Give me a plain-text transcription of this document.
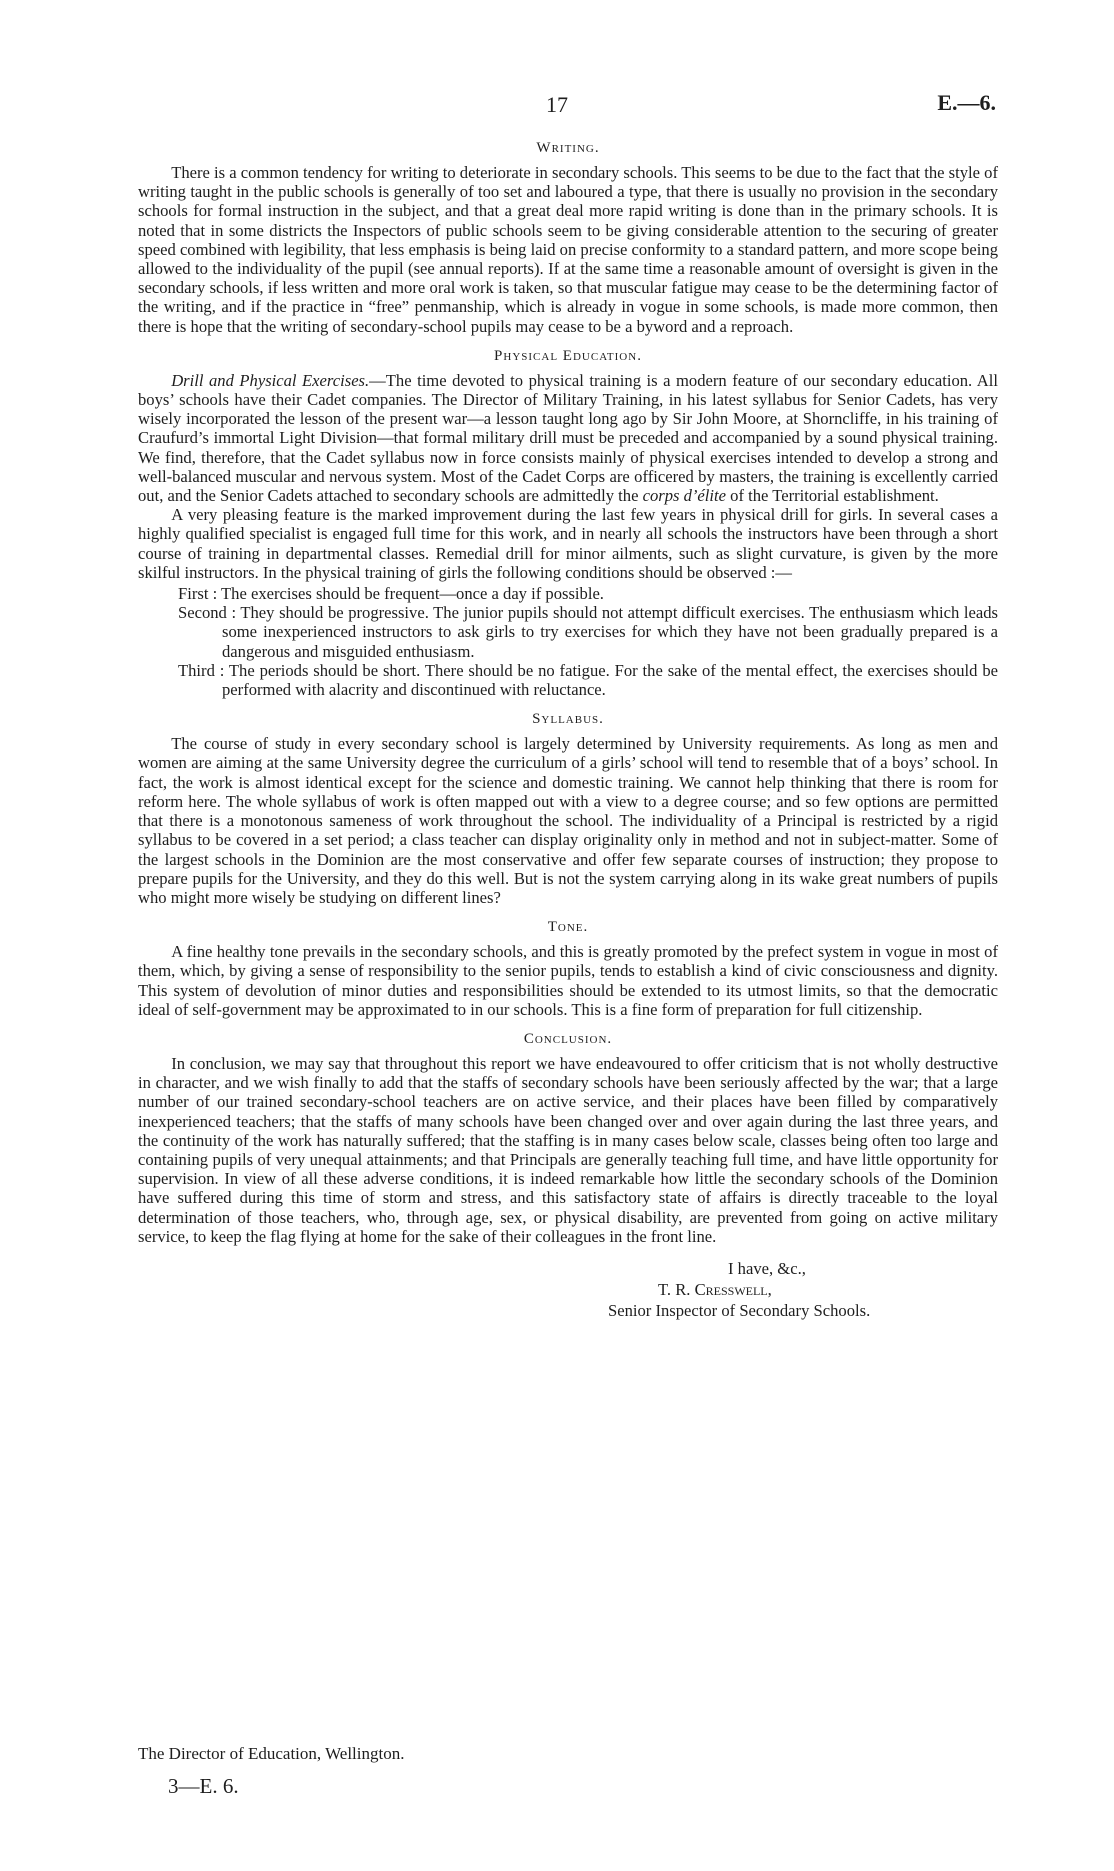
17	E.—6.
Writing.

There is a common tendency for writing to deteriorate in secondary schools. This seems to be due to the fact that the style of writing taught in the public schools is generally of too set and laboured a type, that there is usually no provision in the secondary schools for formal instruction in the subject, and that a great deal more rapid writing is done than in the primary schools. It is noted that in some districts the Inspectors of public schools seem to be giving considerable attention to the securing of greater speed combined with legibility, that less emphasis is being laid on precise conformity to a standard pattern, and more scope being allowed to the individuality of the pupil (see annual reports). If at the same time a reasonable amount of oversight is given in the secondary schools, if less written and more oral work is taken, so that muscular fatigue may cease to be the determining factor of the writing, and if the practice in “free” penmanship, which is already in vogue in some schools, is made more common, then there is hope that the writing of secondary-school pupils may cease to be a byword and a reproach.

Physical Education.

Drill and Physical Exercises.—The time devoted to physical training is a modern feature of our secondary education. All boys’ schools have their Cadet companies. The Director of Military Training, in his latest syllabus for Senior Cadets, has very wisely incorporated the lesson of the present war—a lesson taught long ago by Sir John Moore, at Shorncliffe, in his training of Craufurd’s immortal Light Division—that formal military drill must be preceded and accompanied by a sound physical training. We find, therefore, that the Cadet syllabus now in force consists mainly of physical exercises intended to develop a strong and well-balanced muscular and nervous system. Most of the Cadet Corps are officered by masters, the training is excellently carried out, and the Senior Cadets attached to secondary schools are admittedly the corps d’élite of the Territorial establishment.

A very pleasing feature is the marked improvement during the last few years in physical drill for girls. In several cases a highly qualified specialist is engaged full time for this work, and in nearly all schools the instructors have been through a short course of training in departmental classes. Remedial drill for minor ailments, such as slight curvature, is given by the more skilful instructors. In the physical training of girls the following conditions should be observed :—

First : The exercises should be frequent—once a day if possible.
Second : They should be progressive. The junior pupils should not attempt difficult exercises. The enthusiasm which leads some inexperienced instructors to ask girls to try exercises for which they have not been gradually prepared is a dangerous and misguided enthusiasm.
Third : The periods should be short. There should be no fatigue. For the sake of the mental effect, the exercises should be performed with alacrity and discontinued with reluctance.
Syllabus.

The course of study in every secondary school is largely determined by University requirements. As long as men and women are aiming at the same University degree the curriculum of a girls’ school will tend to resemble that of a boys’ school. In fact, the work is almost identical except for the science and domestic training. We cannot help thinking that there is room for reform here. The whole syllabus of work is often mapped out with a view to a degree course; and so few options are permitted that there is a monotonous sameness of work throughout the school. The individuality of a Principal is restricted by a rigid syllabus to be covered in a set period; a class teacher can display originality only in method and not in subject-matter. Some of the largest schools in the Dominion are the most conservative and offer few separate courses of instruction; they propose to prepare pupils for the University, and they do this well. But is not the system carrying along in its wake great numbers of pupils who might more wisely be studying on different lines?

Tone.

A fine healthy tone prevails in the secondary schools, and this is greatly promoted by the prefect system in vogue in most of them, which, by giving a sense of responsibility to the senior pupils, tends to establish a kind of civic consciousness and dignity. This system of devolution of minor duties and responsibilities should be extended to its utmost limits, so that the democratic ideal of self-government may be approximated to in our schools. This is a fine form of preparation for full citizenship.

Conclusion.

In conclusion, we may say that throughout this report we have endeavoured to offer criticism that is not wholly destructive in character, and we wish finally to add that the staffs of secondary schools have been seriously affected by the war; that a large number of our trained secondary-school teachers are on active service, and their places have been filled by comparatively inexperienced teachers; that the staffs of many schools have been changed over and over again during the last three years, and the continuity of the work has naturally suffered; that the staffing is in many cases below scale, classes being often too large and containing pupils of very unequal attainments; and that Principals are generally teaching full time, and have little opportunity for supervision. In view of all these adverse conditions, it is indeed remarkable how little the secondary schools of the Dominion have suffered during this time of storm and stress, and this satisfactory state of affairs is directly traceable to the loyal determination of those teachers, who, through age, sex, or physical disability, are prevented from going on active military service, to keep the flag flying at home for the sake of their colleagues in the front line.

I have, &c.,
T. R. Cresswell,
Senior Inspector of Secondary Schools.
The Director of Education, Wellington.
3—E. 6.
